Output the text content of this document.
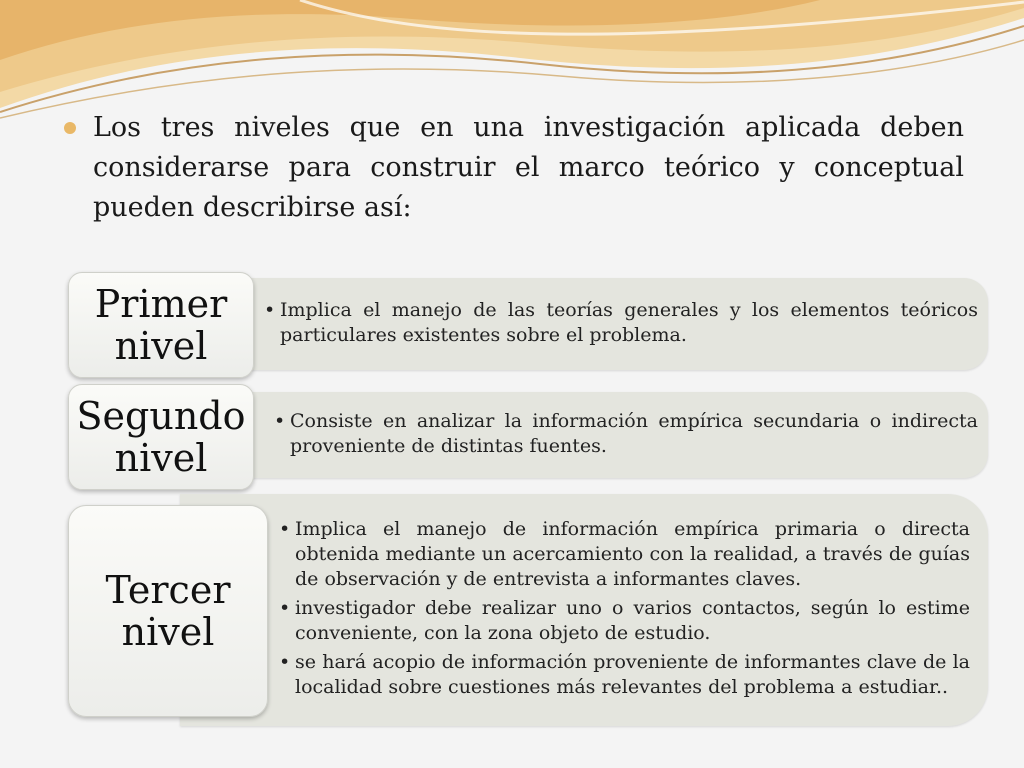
Los tres niveles que en una investigación aplicada deben considerarse para construir el marco teórico y conceptual pueden describirse así:

• Implica el manejo de las teorías generales y los elementos teóricos particulares existentes sobre el problema.
Primer
nivel
• Consiste en analizar la información empírica secundaria o indirecta proveniente de distintas fuentes.
Segundo
nivel
• Implica el manejo de información empírica primaria o directa obtenida mediante un acercamiento con la realidad, a través de guías de observación y de entrevista a informantes claves.
• investigador debe realizar uno o varios contactos, según lo estime conveniente, con la zona objeto de estudio.
• se hará acopio de información proveniente de informantes clave de la localidad sobre cuestiones más relevantes del problema a estudiar..
Tercer
nivel
